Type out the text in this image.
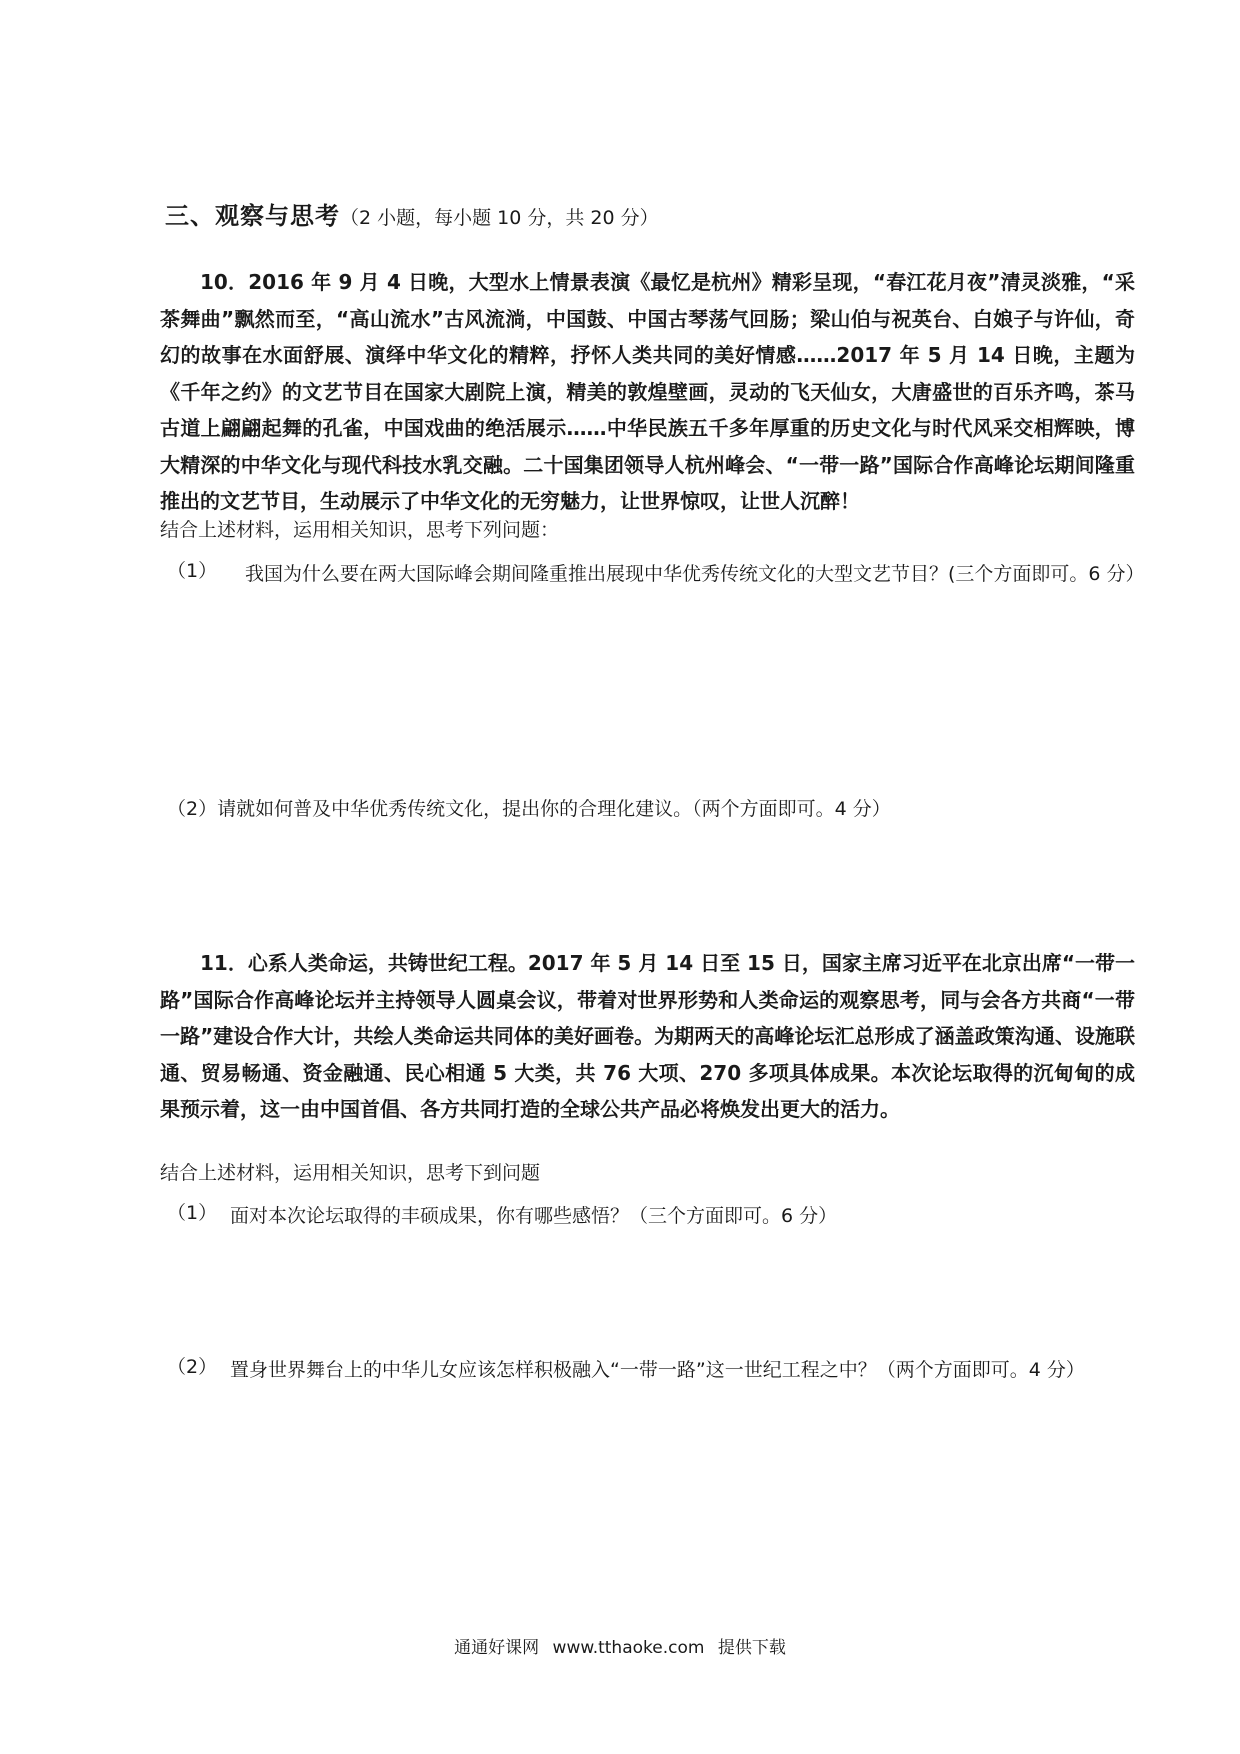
三、观察与思考（2 小题，每小题 10 分，共 20 分）

10．2016 年 9 月 4 日晚，大型水上情景表演《最忆是杭州》精彩呈现，“春江花月夜”清灵淡雅，“采茶舞曲”飘然而至，“高山流水”古风流淌，中国鼓、中国古琴荡气回肠；梁山伯与祝英台、白娘子与许仙，奇幻的故事在水面舒展、演绎中华文化的精粹，抒怀人类共同的美好情感……2017 年 5 月 14 日晚，主题为《千年之约》的文艺节目在国家大剧院上演，精美的敦煌壁画，灵动的飞天仙女，大唐盛世的百乐齐鸣，茶马古道上翩翩起舞的孔雀，中国戏曲的绝活展示……中华民族五千多年厚重的历史文化与时代风采交相辉映，博大精深的中华文化与现代科技水乳交融。二十国集团领导人杭州峰会、“一带一路”国际合作高峰论坛期间隆重推出的文艺节目，生动展示了中华文化的无穷魅力，让世界惊叹，让世人沉醉！

结合上述材料，运用相关知识，思考下列问题：
（1） 我国为什么要在两大国际峰会期间隆重推出展现中华优秀传统文化的大型文艺节目？(三个方面即可。6 分）
（2）请就如何普及中华优秀传统文化，提出你的合理化建议。（两个方面即可。4 分）

11．心系人类命运，共铸世纪工程。2017 年 5 月 14 日至 15 日，国家主席习近平在北京出席“一带一路”国际合作高峰论坛并主持领导人圆桌会议，带着对世界形势和人类命运的观察思考，同与会各方共商“一带一路”建设合作大计，共绘人类命运共同体的美好画卷。为期两天的高峰论坛汇总形成了涵盖政策沟通、设施联通、贸易畅通、资金融通、民心相通 5 大类，共 76 大项、270 多项具体成果。本次论坛取得的沉甸甸的成果预示着，这一由中国首倡、各方共同打造的全球公共产品必将焕发出更大的活力。

结合上述材料，运用相关知识，思考下到问题
（1） 面对本次论坛取得的丰硕成果，你有哪些感悟？（三个方面即可。6 分）
（2） 置身世界舞台上的中华儿女应该怎样积极融入“一带一路”这一世纪工程之中？（两个方面即可。4 分）
通通好课网 www.tthaoke.com 提供下载
